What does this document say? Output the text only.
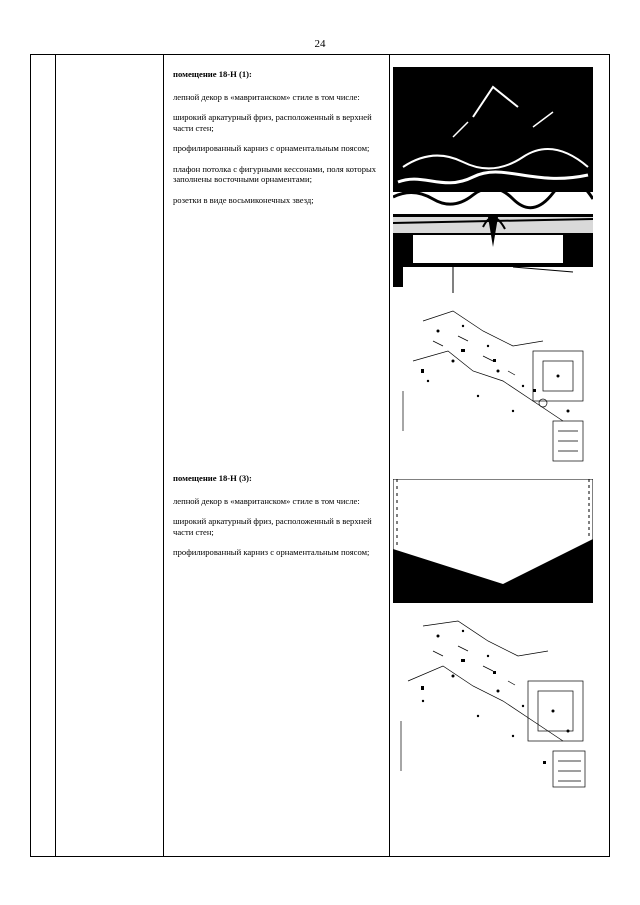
24

помещение 18-Н (1):

лепной декор в «мавританском» стиле в том числе:

широкий аркатурный фриз, расположенный в верхней части стен;

профилированный карниз с орнаментальным поясом;

плафон потолка с фигурными кессонами, поля которых заполнены восточными орнаментами;

розетки в виде восьмиконечных звезд;

помещение 18-Н (3):

лепной декор в «мавританском» стиле в том числе:

широкий аркатурный фриз, расположенный в верхней части стен;

профилированный карниз с орнаментальным поясом;
